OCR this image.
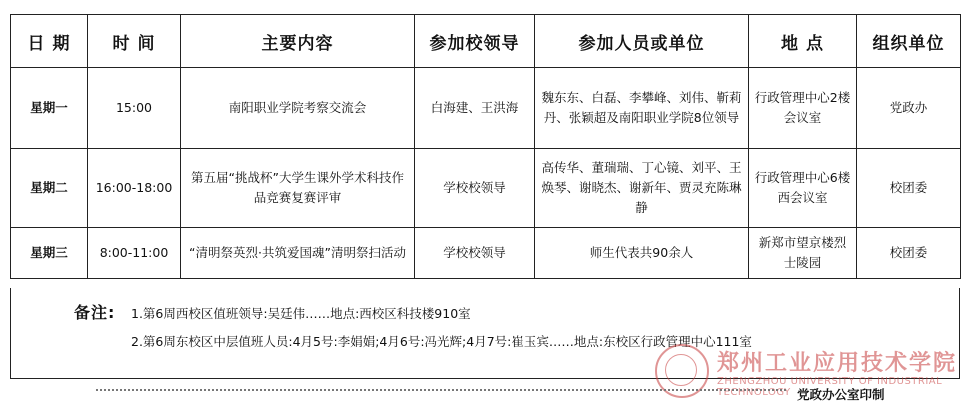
日 期	时 间	主要内容	参加校领导	参加人员或单位	地 点	组织单位
星期一	15:00	南阳职业学院考察交流会	白海建、王洪海	魏东东、白磊、李攀峰、刘伟、靳莉丹、张颖超及南阳职业学院8位领导	行政管理中心2楼会议室	党政办
星期二	16:00-18:00	第五届“挑战杯”大学生课外学术科技作品竞赛复赛评审	学校校领导	高传华、董瑞瑞、丁心镜、刘平、王焕琴、谢晓杰、谢新年、贾灵充陈琳静	行政管理中心6楼西会议室	校团委
星期三	8:00-11:00	“清明祭英烈·共筑爱国魂”清明祭扫活动	学校校领导	师生代表共90余人	新郑市望京楼烈士陵园	校团委
备注: 1.第6周西校区值班领导:吴廷伟……地点:西校区科技楼910室
2.第6周东校区中层值班人员:4月5号:李娟娟;4月6号:冯光辉;4月7号:崔玉宾……地点:东校区行政管理中心111室
郑州工业应用技术学院
ZHENGZHOU UNIVERSITY OF INDUSTRIAL TECHNOLOGY 党政办公室印制
